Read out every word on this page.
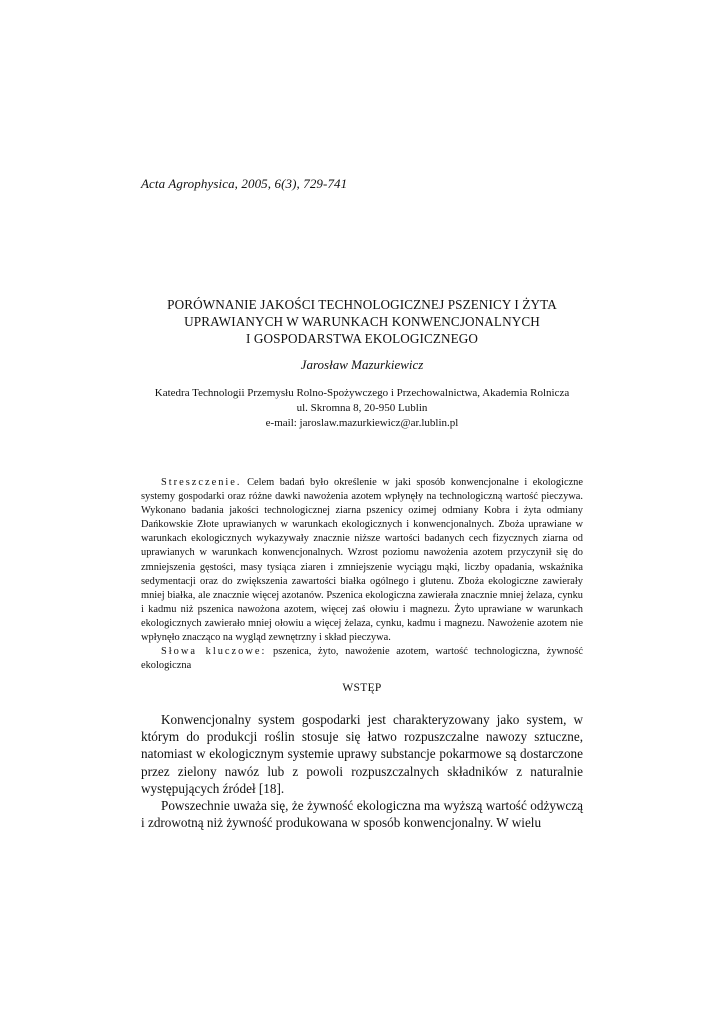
Acta Agrophysica, 2005, 6(3), 729-741
PORÓWNANIE JAKOŚCI TECHNOLOGICZNEJ PSZENICY I ŻYTA
UPRAWIANYCH W WARUNKACH KONWENCJONALNYCH
I GOSPODARSTWA EKOLOGICZNEGO
Jarosław Mazurkiewicz
Katedra Technologii Przemysłu Rolno-Spożywczego i Przechowalnictwa, Akademia Rolnicza
ul. Skromna 8, 20-950 Lublin
e-mail: jaroslaw.mazurkiewicz@ar.lublin.pl

Streszczenie. Celem badań było określenie w jaki sposób konwencjonalne i ekologiczne systemy gospodarki oraz różne dawki nawożenia azotem wpłynęły na technologiczną wartość pieczywa. Wykonano badania jakości technologicznej ziarna pszenicy ozimej odmiany Kobra i żyta odmiany Dańkowskie Złote uprawianych w warunkach ekologicznych i konwencjonalnych. Zboża uprawiane w warunkach ekologicznych wykazywały znacznie niższe wartości badanych cech fizycznych ziarna od uprawianych w warunkach konwencjonalnych. Wzrost poziomu nawożenia azotem przyczynił się do zmniejszenia gęstości, masy tysiąca ziaren i zmniejszenie wyciągu mąki, liczby opadania, wskaźnika sedymentacji oraz do zwiększenia zawartości białka ogólnego i glutenu. Zboża ekologiczne zawierały mniej białka, ale znacznie więcej azotanów. Pszenica ekologiczna zawierała znacznie mniej żelaza, cynku i kadmu niż pszenica nawożona azotem, więcej zaś ołowiu i magnezu. Żyto uprawiane w warunkach ekologicznych zawierało mniej ołowiu a więcej żelaza, cynku, kadmu i magnezu. Nawożenie azotem nie wpłynęło znacząco na wygląd zewnętrzny i skład pieczywa.

Słowa kluczowe: pszenica, żyto, nawożenie azotem, wartość technologiczna, żywność ekologiczna

WSTĘP

Konwencjonalny system gospodarki jest charakteryzowany jako system, w którym do produkcji roślin stosuje się łatwo rozpuszczalne nawozy sztuczne, natomiast w ekologicznym systemie uprawy substancje pokarmowe są dostarczone przez zielony nawóz lub z powoli rozpuszczalnych składników z naturalnie występujących źródeł [18].

Powszechnie uważa się, że żywność ekologiczna ma wyższą wartość odżywczą i zdrowotną niż żywność produkowana w sposób konwencjonalny. W wielu
